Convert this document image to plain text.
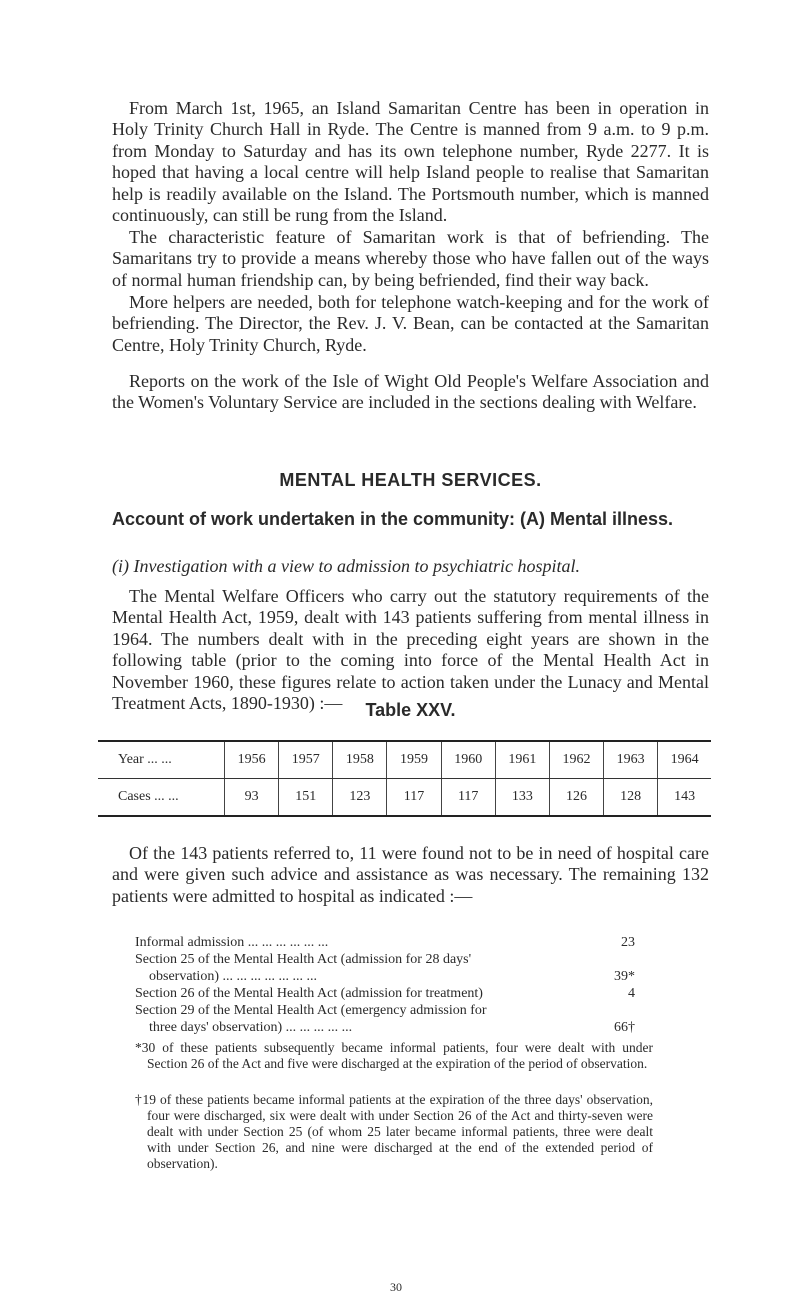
From March 1st, 1965, an Island Samaritan Centre has been in operation in Holy Trinity Church Hall in Ryde. The Centre is manned from 9 a.m. to 9 p.m. from Monday to Saturday and has its own telephone number, Ryde 2277. It is hoped that having a local centre will help Island people to realise that Samaritan help is readily available on the Island. The Portsmouth number, which is manned continuously, can still be rung from the Island.

The characteristic feature of Samaritan work is that of befriending. The Samaritans try to provide a means whereby those who have fallen out of the ways of normal human friendship can, by being befriended, find their way back.

More helpers are needed, both for telephone watch-keeping and for the work of befriending. The Director, the Rev. J. V. Bean, can be contacted at the Samaritan Centre, Holy Trinity Church, Ryde.

Reports on the work of the Isle of Wight Old People's Welfare Association and the Women's Voluntary Service are included in the sections dealing with Welfare.

MENTAL HEALTH SERVICES.

Account of work undertaken in the community: (A) Mental illness.

(i) Investigation with a view to admission to psychiatric hospital.

The Mental Welfare Officers who carry out the statutory requirements of the Mental Health Act, 1959, dealt with 143 patients suffering from mental illness in 1964. The numbers dealt with in the preceding eight years are shown in the following table (prior to the coming into force of the Mental Health Act in November 1960, these figures relate to action taken under the Lunacy and Mental Treatment Acts, 1890-1930) :—	Table XXV.
Year ... ...	1956	1957	1958	1959	1960	1961	1962	1963	1964
Cases ... ...	93	151	123	117	117	133	126	128	143

Of the 143 patients referred to, 11 were found not to be in need of hospital care and were given such advice and assistance as was necessary. The remaining 132 patients were admitted to hospital as indicated :—

Informal admission ... ... ... ... ... ...	23
Section 25 of the Mental Health Act (admission for 28 days'
observation) ... ... ... ... ... ... ...	39*
Section 26 of the Mental Health Act (admission for treatment)	4
Section 29 of the Mental Health Act (emergency admission for
three days' observation) ... ... ... ... ...	66†

*30 of these patients subsequently became informal patients, four were dealt with under Section 26 of the Act and five were discharged at the expiration of the period of observation.

†19 of these patients became informal patients at the expiration of the three days' observation, four were discharged, six were dealt with under Section 26 of the Act and thirty-seven were dealt with under Section 25 (of whom 25 later became informal patients, three were dealt with under Section 26, and nine were discharged at the end of the extended period of observation).

30
